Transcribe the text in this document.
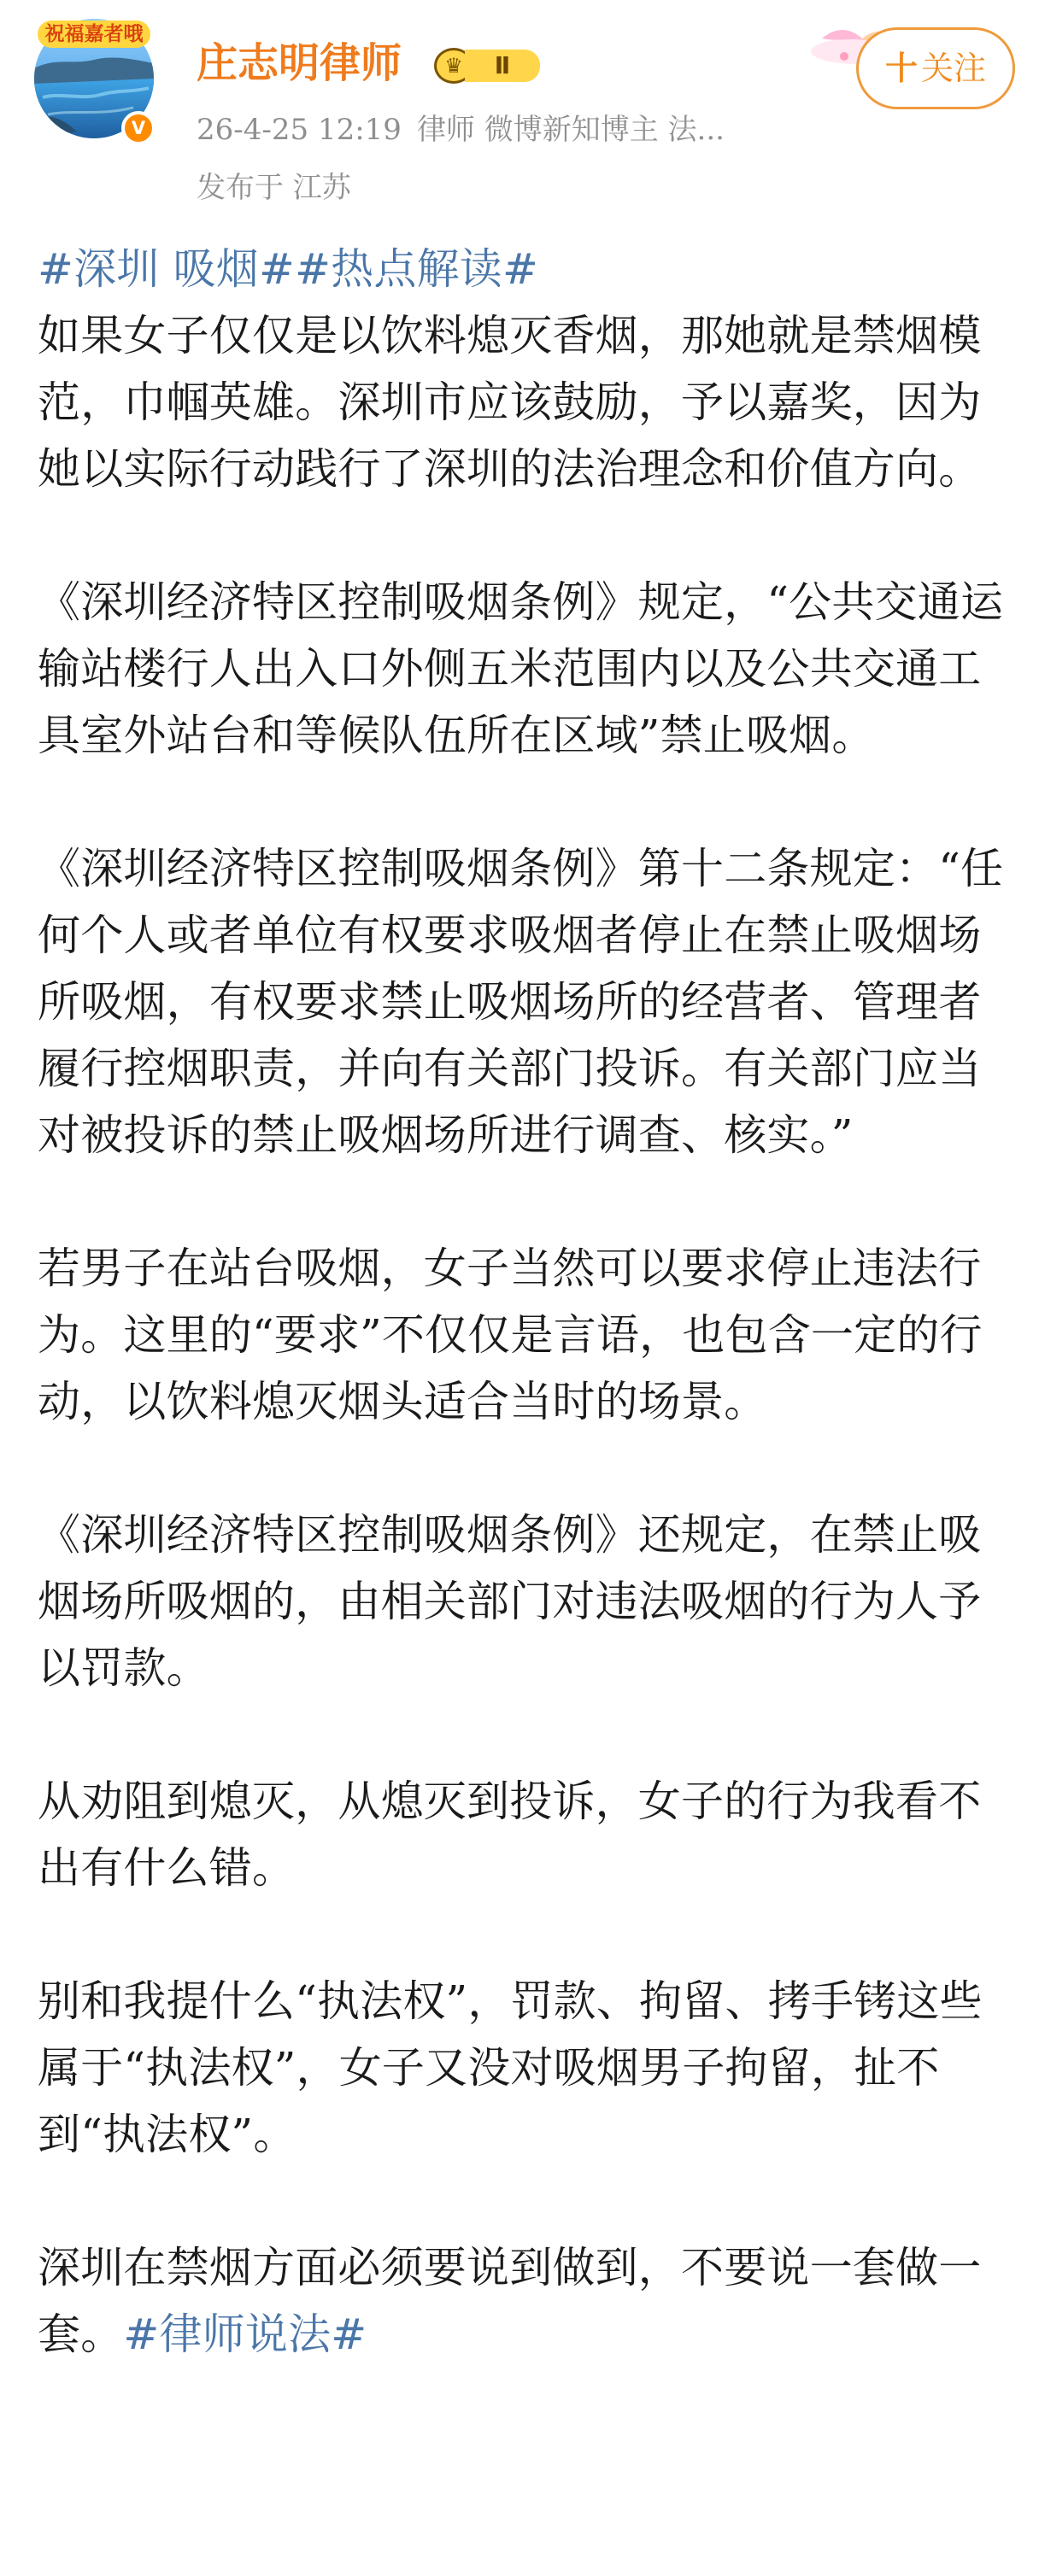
祝福嘉者哦
V
庄志明律师	♛	Ⅱ	十 关注
26-4-25 12:19 律师 微博新知博主 法...
发布于 江苏

#深圳 吸烟##热点解读#

如果女子仅仅是以饮料熄灭香烟，那她就是禁烟模范，巾帼英雄。深圳市应该鼓励，予以嘉奖，因为她以实际行动践行了深圳的法治理念和价值方向。

《深圳经济特区控制吸烟条例》规定，“公共交通运输站楼行人出入口外侧五米范围内以及公共交通工具室外站台和等候队伍所在区域”禁止吸烟。

《深圳经济特区控制吸烟条例》第十二条规定：“任何个人或者单位有权要求吸烟者停止在禁止吸烟场所吸烟，有权要求禁止吸烟场所的经营者、管理者履行控烟职责，并向有关部门投诉。有关部门应当对被投诉的禁止吸烟场所进行调查、核实。”

若男子在站台吸烟，女子当然可以要求停止违法行为。这里的“要求”不仅仅是言语，也包含一定的行动，以饮料熄灭烟头适合当时的场景。

《深圳经济特区控制吸烟条例》还规定，在禁止吸烟场所吸烟的，由相关部门对违法吸烟的行为人予以罚款。

从劝阻到熄灭，从熄灭到投诉，女子的行为我看不出有什么错。

别和我提什么“执法权”，罚款、拘留、拷手铐这些属于“执法权”，女子又没对吸烟男子拘留，扯不到“执法权”。

深圳在禁烟方面必须要说到做到，不要说一套做一套。#律师说法#
